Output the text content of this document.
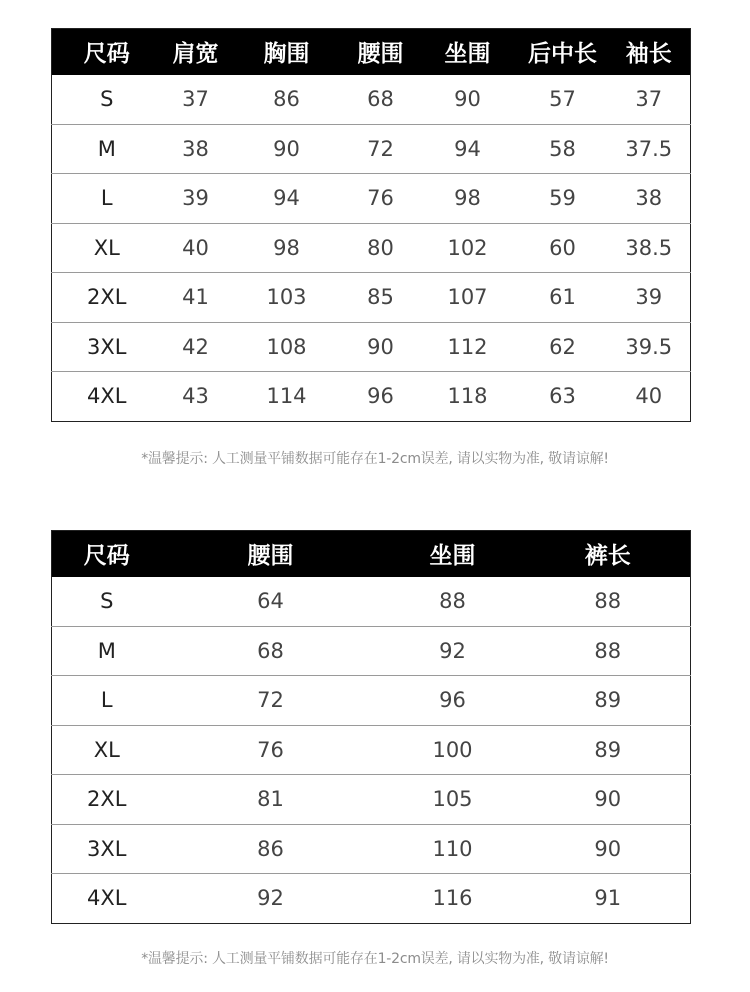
尺码	肩宽	胸围	腰围	坐围	后中长	袖长
S	37	86	68	90	57	37
M	38	90	72	94	58	37.5
L	39	94	76	98	59	38
XL	40	98	80	102	60	38.5
2XL	41	103	85	107	61	39
3XL	42	108	90	112	62	39.5
4XL	43	114	96	118	63	40
*温馨提示: 人工测量平铺数据可能存在1-2cm误差, 请以实物为准, 敬请谅解!
尺码	腰围	坐围	裤长
S	64	88	88
M	68	92	88
L	72	96	89
XL	76	100	89
2XL	81	105	90
3XL	86	110	90
4XL	92	116	91
*温馨提示: 人工测量平铺数据可能存在1-2cm误差, 请以实物为准, 敬请谅解!
